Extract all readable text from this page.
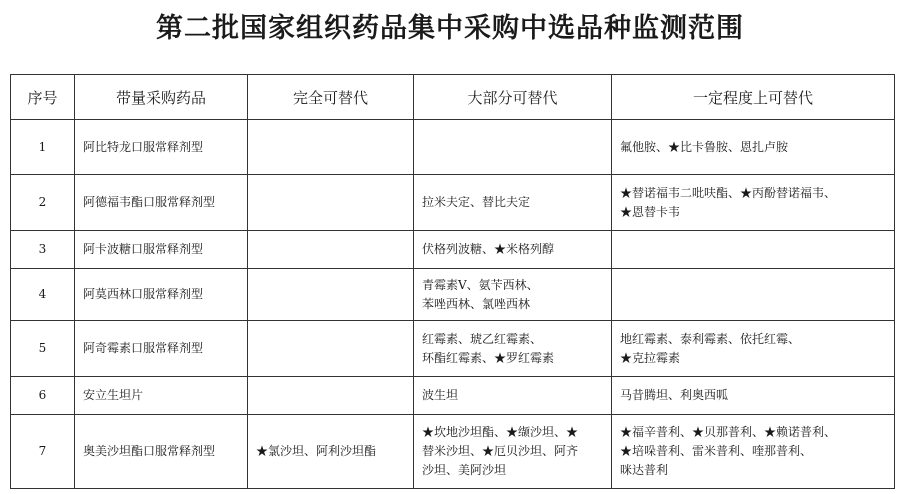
第二批国家组织药品集中采购中选品种监测范围
序号	带量采购药品	完全可替代	大部分可替代	一定程度上可替代
1	阿比特龙口服常释剂型			氟他胺、★比卡鲁胺、恩扎卢胺
2	阿德福韦酯口服常释剂型		拉米夫定、替比夫定	★替诺福韦二吡呋酯、★丙酚替诺福韦、
★恩替卡韦
3	阿卡波糖口服常释剂型		伏格列波糖、★米格列醇	
4	阿莫西林口服常释剂型		青霉素V、氨苄西林、
苯唑西林、氯唑西林	
5	阿奇霉素口服常释剂型		红霉素、琥乙红霉素、
环酯红霉素、★罗红霉素	地红霉素、泰利霉素、依托红霉、
★克拉霉素
6	安立生坦片		波生坦	马昔腾坦、利奥西呱
7	奥美沙坦酯口服常释剂型	★氯沙坦、阿利沙坦酯	★坎地沙坦酯、★缬沙坦、★
替米沙坦、★厄贝沙坦、阿齐
沙坦、美阿沙坦	★福辛普利、★贝那普利、★赖诺普利、
★培哚普利、雷米普利、喹那普利、
咪达普利
